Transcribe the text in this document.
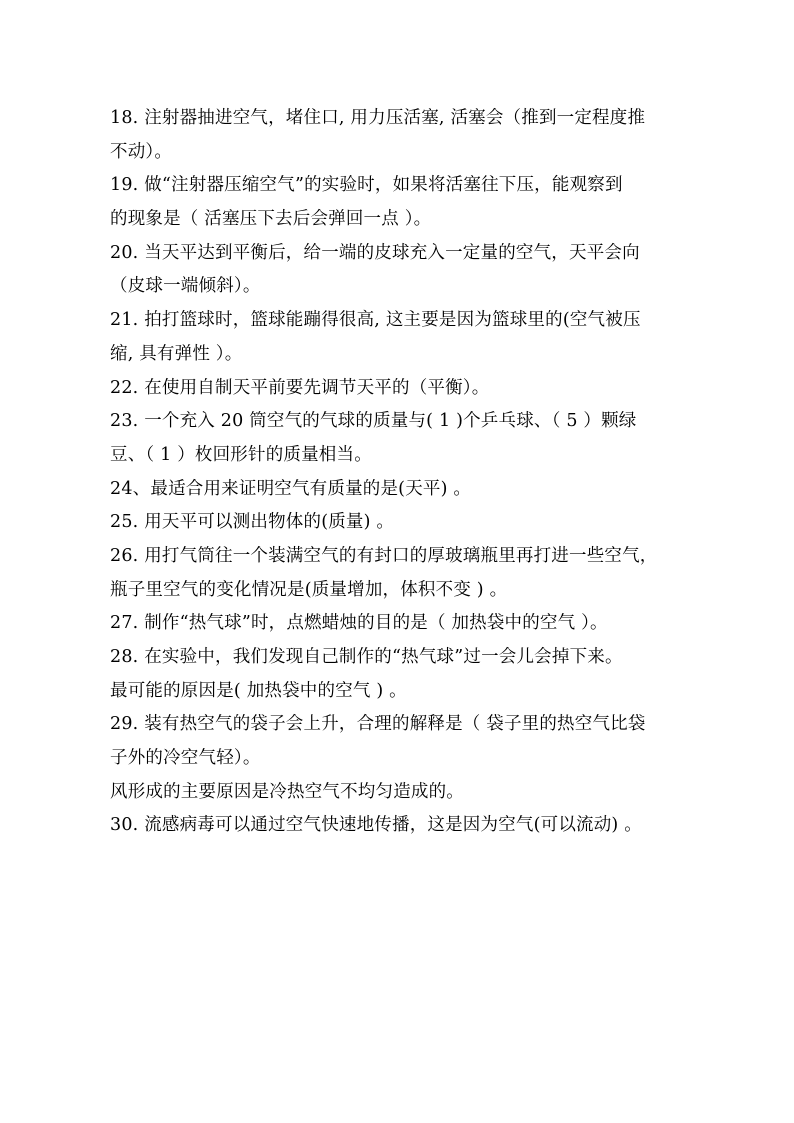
18. 注射器抽进空气，堵住口, 用力压活塞, 活塞会（推到一定程度推
不动）。
19. 做“注射器压缩空气”的实验时，如果将活塞往下压，能观察到
的现象是（ 活塞压下去后会弹回一点 ）。
20. 当天平达到平衡后，给一端的皮球充入一定量的空气，天平会向
（皮球一端倾斜）。
21. 拍打篮球时，篮球能蹦得很高, 这主要是因为篮球里的(空气被压
缩, 具有弹性 ）。
22. 在使用自制天平前要先调节天平的（平衡）。
23. 一个充入 20 筒空气的气球的质量与( 1 )个乒乓球、（ 5 ）颗绿
豆、（ 1 ）枚回形针的质量相当。
24、最适合用来证明空气有质量的是(天平) 。
25. 用天平可以测出物体的(质量) 。
26. 用打气筒往一个装满空气的有封口的厚玻璃瓶里再打进一些空气，
瓶子里空气的变化情况是(质量增加，体积不变 ) 。
27. 制作“热气球”时，点燃蜡烛的目的是（ 加热袋中的空气 ）。
28. 在实验中，我们发现自己制作的“热气球”过一会儿会掉下来。
最可能的原因是( 加热袋中的空气 ) 。
29. 装有热空气的袋子会上升，合理的解释是（ 袋子里的热空气比袋
子外的冷空气轻）。
风形成的主要原因是冷热空气不均匀造成的。
30. 流感病毒可以通过空气快速地传播，这是因为空气(可以流动) 。
